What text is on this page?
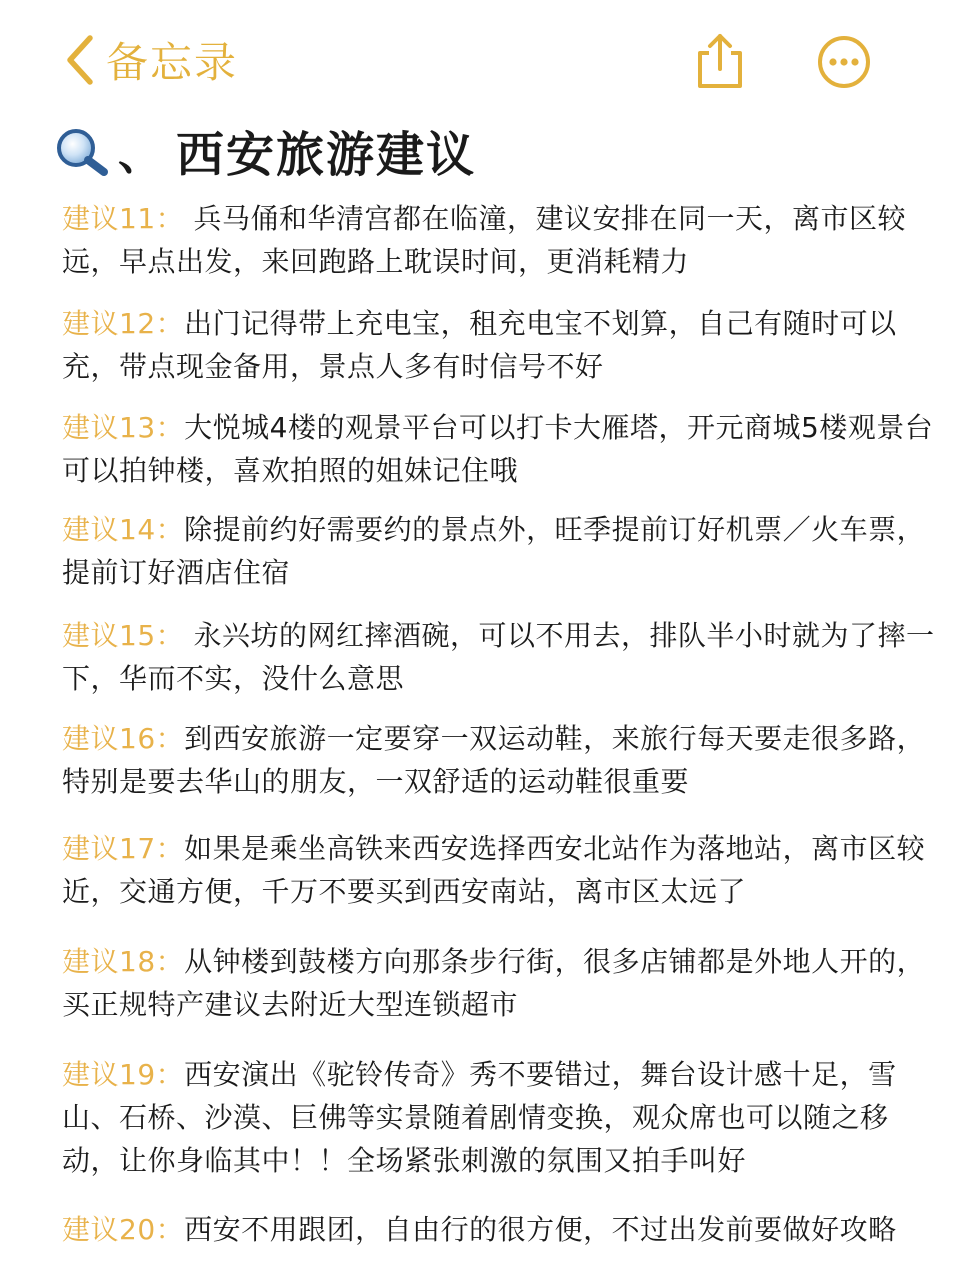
备忘录
、 西安旅游建议
建议11： 兵马俑和华清宫都在临潼，建议安排在同一天，离市区较远，早点出发，来回跑路上耽误时间，更消耗精力
建议12：出门记得带上充电宝，租充电宝不划算，自己有随时可以充，带点现金备用，景点人多有时信号不好
建议13：大悦城4楼的观景平台可以打卡大雁塔，开元商城5楼观景台可以拍钟楼，喜欢拍照的姐妹记住哦
建议14：除提前约好需要约的景点外，旺季提前订好机票／火车票，提前订好酒店住宿
建议15： 永兴坊的网红摔酒碗，可以不用去，排队半小时就为了摔一下，华而不实，没什么意思
建议16：到西安旅游一定要穿一双运动鞋，来旅行每天要走很多路，特别是要去华山的朋友，一双舒适的运动鞋很重要
建议17：如果是乘坐高铁来西安选择西安北站作为落地站，离市区较近，交通方便，千万不要买到西安南站，离市区太远了
建议18：从钟楼到鼓楼方向那条步行街，很多店铺都是外地人开的，买正规特产建议去附近大型连锁超市
建议19：西安演出《驼铃传奇》秀不要错过，舞台设计感十足，雪山、石桥、沙漠、巨佛等实景随着剧情变换，观众席也可以随之移动，让你身临其中！！全场紧张刺激的氛围又拍手叫好
建议20：西安不用跟团，自由行的很方便，不过出发前要做好攻略
